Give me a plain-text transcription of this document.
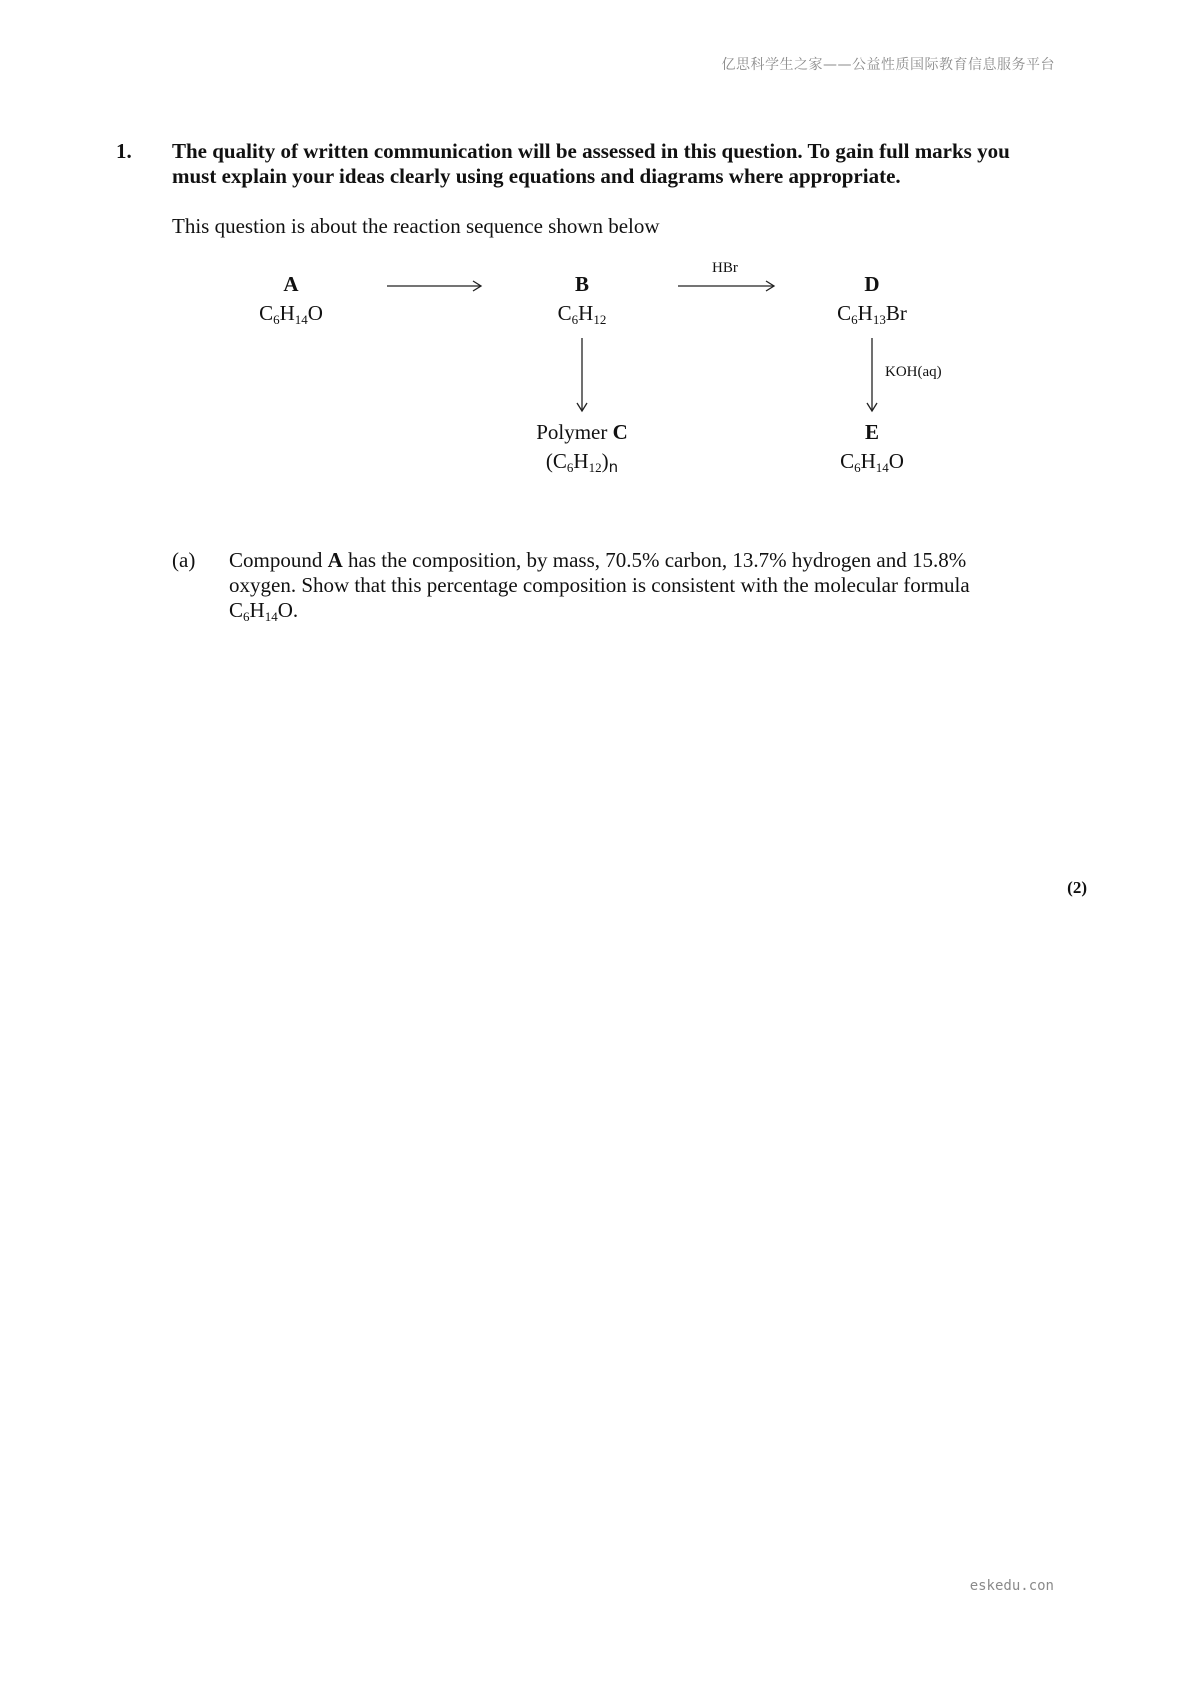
亿思科学生之家——公益性质国际教育信息服务平台
1. The quality of written communication will be assessed in this question. To gain full marks you must explain your ideas clearly using equations and diagrams where appropriate.
This question is about the reaction sequence shown below
HBr
KOH(aq)
A
$C_6H_{14}O$
B
$C_6H_{12}$
D
$C_6H_{13}Br$
Polymer C
$(C_6H_{12})_n$
E
$C_6H_{14}O$
(a) Compound A has the composition, by mass, 70.5% carbon, 13.7% hydrogen and 15.8% oxygen. Show that this percentage composition is consistent with the molecular formula $C_6H_{14}O$.
(2)
eskedu.con
